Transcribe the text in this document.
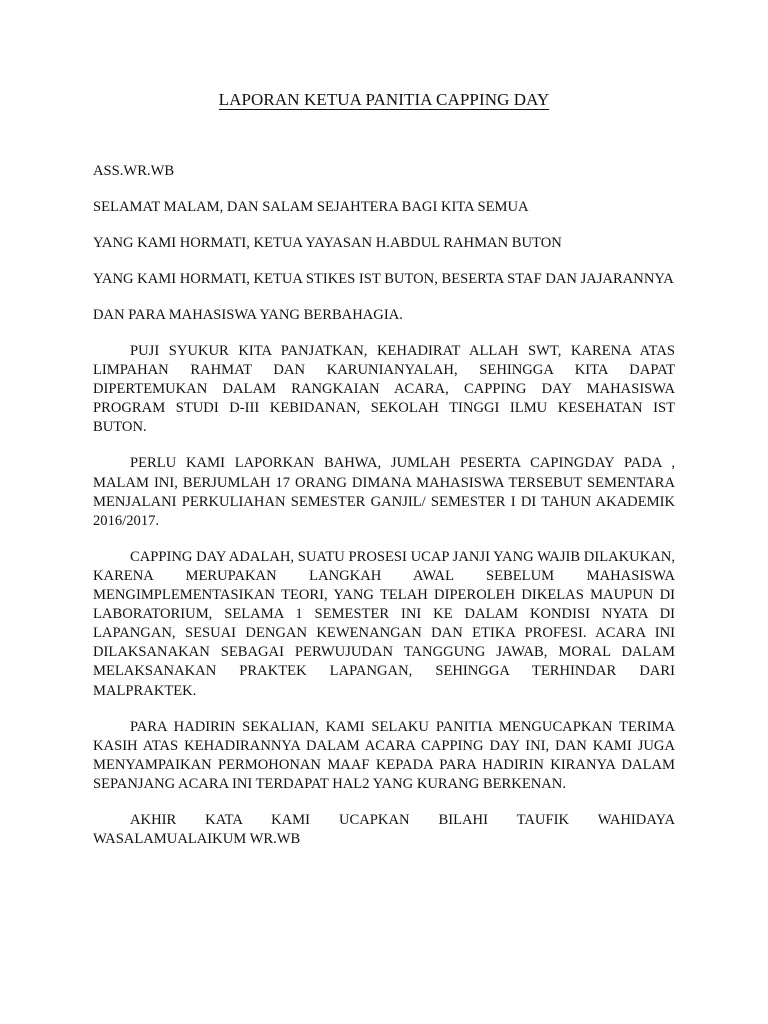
LAPORAN KETUA PANITIA CAPPING DAY

ASS.WR.WB

SELAMAT MALAM, DAN SALAM SEJAHTERA BAGI KITA SEMUA

YANG KAMI HORMATI, KETUA YAYASAN H.ABDUL RAHMAN BUTON

YANG KAMI HORMATI, KETUA STIKES IST BUTON, BESERTA STAF DAN JAJARANNYA

DAN PARA MAHASISWA YANG BERBAHAGIA.

PUJI SYUKUR KITA PANJATKAN, KEHADIRAT ALLAH SWT, KARENA ATAS LIMPAHAN RAHMAT DAN KARUNIANYALAH, SEHINGGA KITA DAPAT DIPERTEMUKAN DALAM RANGKAIAN ACARA, CAPPING DAY MAHASISWA PROGRAM STUDI D-III KEBIDANAN, SEKOLAH TINGGI ILMU KESEHATAN IST BUTON.

PERLU KAMI LAPORKAN BAHWA, JUMLAH PESERTA CAPINGDAY PADA , MALAM INI, BERJUMLAH 17 ORANG DIMANA MAHASISWA TERSEBUT SEMENTARA MENJALANI PERKULIAHAN SEMESTER GANJIL/ SEMESTER I DI TAHUN AKADEMIK 2016/2017.

CAPPING DAY ADALAH, SUATU PROSESI UCAP JANJI YANG WAJIB DILAKUKAN, KARENA MERUPAKAN LANGKAH AWAL SEBELUM MAHASISWA MENGIMPLEMENTASIKAN TEORI, YANG TELAH DIPEROLEH DIKELAS MAUPUN DI LABORATORIUM, SELAMA 1 SEMESTER INI KE DALAM KONDISI NYATA DI LAPANGAN, SESUAI DENGAN KEWENANGAN DAN ETIKA PROFESI. ACARA INI DILAKSANAKAN SEBAGAI PERWUJUDAN TANGGUNG JAWAB, MORAL DALAM MELAKSANAKAN PRAKTEK LAPANGAN, SEHINGGA TERHINDAR DARI MALPRAKTEK.

PARA HADIRIN SEKALIAN, KAMI SELAKU PANITIA MENGUCAPKAN TERIMA KASIH ATAS KEHADIRANNYA DALAM ACARA CAPPING DAY INI, DAN KAMI JUGA MENYAMPAIKAN PERMOHONAN MAAF KEPADA PARA HADIRIN KIRANYA DALAM SEPANJANG ACARA INI TERDAPAT HAL2 YANG KURANG BERKENAN.

AKHIR KATA KAMI UCAPKAN BILAHI TAUFIK WAHIDAYA WASALAMUALAIKUM WR.WB
